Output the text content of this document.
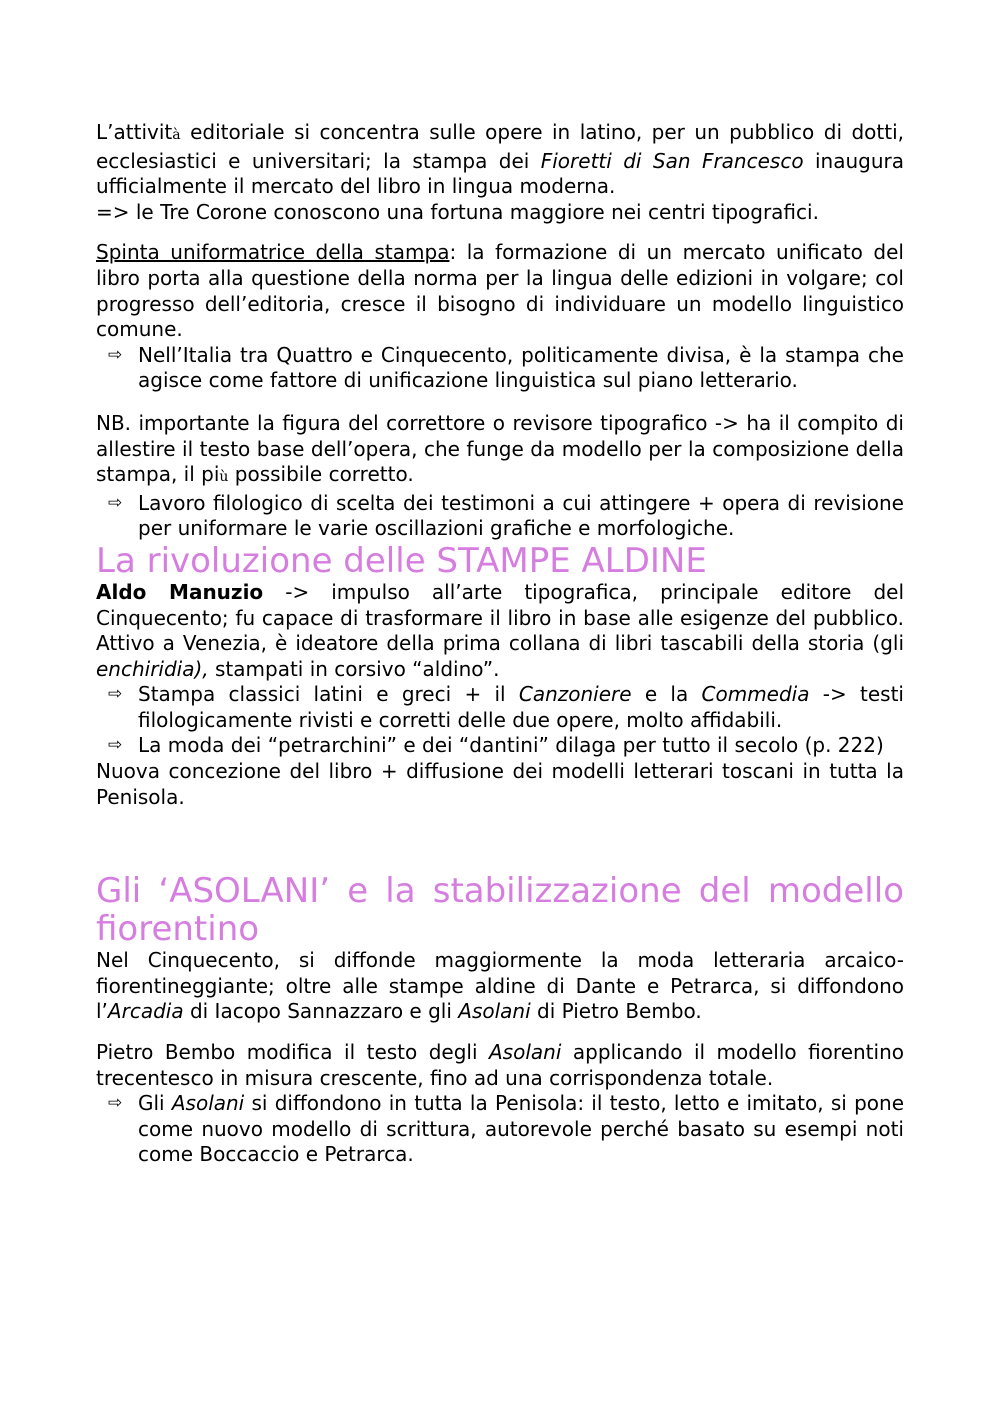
L’attività editoriale si concentra sulle opere in latino, per un pubblico di dotti, ecclesiastici e universitari; la stampa dei Fioretti di San Francesco inaugura ufficialmente il mercato del libro in lingua moderna.

=> le Tre Corone conoscono una fortuna maggiore nei centri tipografici.

Spinta uniformatrice della stampa: la formazione di un mercato unificato del libro porta alla questione della norma per la lingua delle edizioni in volgare; col progresso dell’editoria, cresce il bisogno di individuare un modello linguistico comune.

⇨ Nell’Italia tra Quattro e Cinquecento, politicamente divisa, è la stampa che agisce come fattore di unificazione linguistica sul piano letterario.

NB. importante la figura del correttore o revisore tipografico -> ha il compito di allestire il testo base dell’opera, che funge da modello per la composizione della stampa, il più possibile corretto.

⇨ Lavoro filologico di scelta dei testimoni a cui attingere + opera di revisione per uniformare le varie oscillazioni grafiche e morfologiche.

La rivoluzione delle STAMPE ALDINE

Aldo Manuzio -> impulso all’arte tipografica, principale editore del Cinquecento; fu capace di trasformare il libro in base alle esigenze del pubblico. Attivo a Venezia, è ideatore della prima collana di libri tascabili della storia (gli enchiridia), stampati in corsivo “aldino”.

⇨ Stampa classici latini e greci + il Canzoniere e la Commedia -> testi filologicamente rivisti e corretti delle due opere, molto affidabili.

⇨ La moda dei “petrarchini” e dei “dantini” dilaga per tutto il secolo (p. 222)

Nuova concezione del libro + diffusione dei modelli letterari toscani in tutta la Penisola.

Gli ‘ASOLANI’ e la stabilizzazione del modello fiorentino

Nel Cinquecento, si diffonde maggiormente la moda letteraria arcaico-fiorentineggiante; oltre alle stampe aldine di Dante e Petrarca, si diffondono l’Arcadia di Iacopo Sannazzaro e gli Asolani di Pietro Bembo.

Pietro Bembo modifica il testo degli Asolani applicando il modello fiorentino trecentesco in misura crescente, fino ad una corrispondenza totale.

⇨ Gli Asolani si diffondono in tutta la Penisola: il testo, letto e imitato, si pone come nuovo modello di scrittura, autorevole perché basato su esempi noti come Boccaccio e Petrarca.
